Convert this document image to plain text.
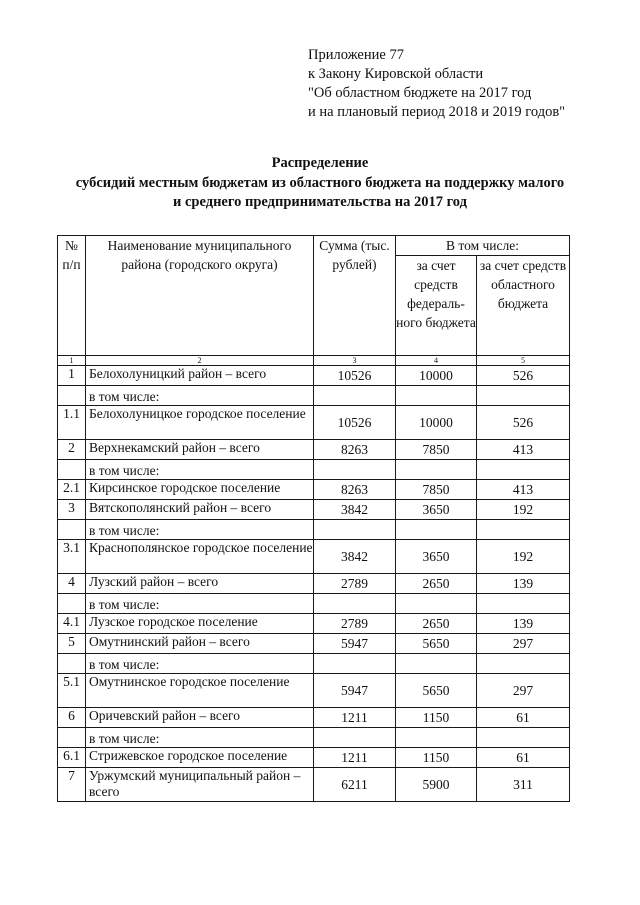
Приложение 77
к Закону Кировской области
"Об областном бюджете на 2017 год
и на плановый период 2018 и 2019 годов"
Распределение
субсидий местным бюджетам из областного бюджета на поддержку малого
и среднего предпринимательства на 2017 год
№ п/п	Наименование муниципального района (городского округа)	Сумма (тыс. рублей)	В том числе:	
			за счет средств федераль-ного бюджета	за счет средств областного бюджета
1	2	3	4	5
1	Белохолуницкий район – всего	10526	10000	526
	в том числе:			
1.1	Белохолуницкое городское поселение	10526	10000	526
2	Верхнекамский район – всего	8263	7850	413
	в том числе:			
2.1	Кирсинское городское поселение	8263	7850	413
3	Вятскополянский район – всего	3842	3650	192
	в том числе:			
3.1	Краснополянское городское поселение	3842	3650	192
4	Лузский район – всего	2789	2650	139
	в том числе:			
4.1	Лузское городское поселение	2789	2650	139
5	Омутнинский район – всего	5947	5650	297
	в том числе:			
5.1	Омутнинское городское поселение	5947	5650	297
6	Оричевский район – всего	1211	1150	61
	в том числе:			
6.1	Стрижевское городское поселение	1211	1150	61
7	Уржумский муниципальный район – всего	6211	5900	311
